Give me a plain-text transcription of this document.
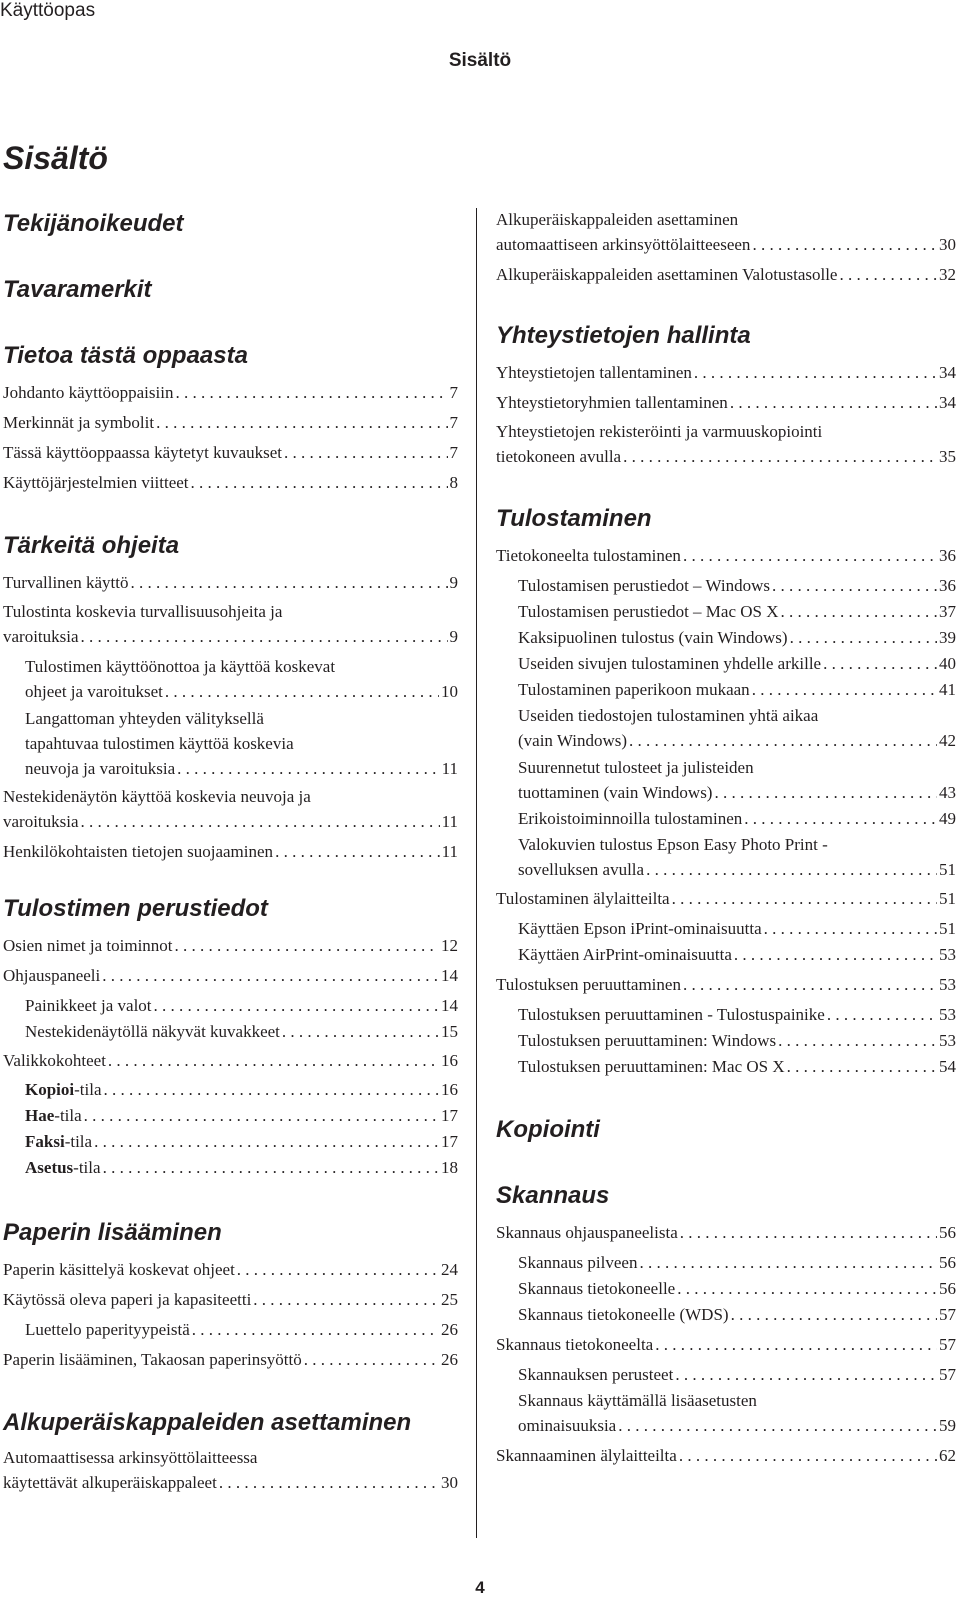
Käyttöopas
Sisältö
Sisältö
Tekijänoikeudet
Tavaramerkit
Tietoa tästä oppaasta
Johdanto käyttöoppaisiin . . .	7
Merkinnät ja symbolit . . .	7
Tässä käyttöoppaassa käytetyt kuvaukset . . .	7
Käyttöjärjestelmien viitteet . . .	8
Tärkeitä ohjeita
Turvallinen käyttö . . .	9
Tulostinta koskevia turvallisuusohjeita ja
varoituksia . . .	9
Tulostimen käyttöönottoa ja käyttöä koskevat
ohjeet ja varoitukset . . .	10
Langattoman yhteyden välityksellä
tapahtuvaa tulostimen käyttöä koskevia
neuvoja ja varoituksia . . .	11
Nestekidenäytön käyttöä koskevia neuvoja ja
varoituksia . . .	11
Henkilökohtaisten tietojen suojaaminen . . .	11
Tulostimen perustiedot
Osien nimet ja toiminnot . . .	12
Ohjauspaneeli . . .	14
Painikkeet ja valot . . .	14
Nestekidenäytöllä näkyvät kuvakkeet . . .	15
Valikkokohteet . . .	16
Kopioi-tila . . .	16
Hae-tila . . .	17
Faksi-tila . . .	17
Asetus-tila . . .	18
Paperin lisääminen
Paperin käsittelyä koskevat ohjeet . . .	24
Käytössä oleva paperi ja kapasiteetti . . .	25
Luettelo paperityypeistä . . .	26
Paperin lisääminen, Takaosan paperinsyöttö . . .	26
Alkuperäiskappaleiden asettaminen
Automaattisessa arkinsyöttölaitteessa
käytettävät alkuperäiskappaleet . . .	30
Alkuperäiskappaleiden asettaminen
automaattiseen arkinsyöttölaitteeseen . . .	30
Alkuperäiskappaleiden asettaminen Valotustasolle . . .	32
Yhteystietojen hallinta
Yhteystietojen tallentaminen . . .	34
Yhteystietoryhmien tallentaminen . . .	34
Yhteystietojen rekisteröinti ja varmuuskopiointi
tietokoneen avulla . . .	35
Tulostaminen
Tietokoneelta tulostaminen . . .	36
Tulostamisen perustiedot – Windows . . .	36
Tulostamisen perustiedot – Mac OS X . . .	37
Kaksipuolinen tulostus (vain Windows) . . .	39
Useiden sivujen tulostaminen yhdelle arkille . . .	40
Tulostaminen paperikoon mukaan . . .	41
Useiden tiedostojen tulostaminen yhtä aikaa
(vain Windows) . . .	42
Suurennetut tulosteet ja julisteiden
tuottaminen (vain Windows) . . .	43
Erikoistoiminnoilla tulostaminen . . .	49
Valokuvien tulostus Epson Easy Photo Print -
sovelluksen avulla . . .	51
Tulostaminen älylaitteilta . . .	51
Käyttäen Epson iPrint-ominaisuutta . . .	51
Käyttäen AirPrint-ominaisuutta . . .	53
Tulostuksen peruuttaminen . . .	53
Tulostuksen peruuttaminen - Tulostuspainike . . .	53
Tulostuksen peruuttaminen: Windows . . .	53
Tulostuksen peruuttaminen: Mac OS X . . .	54
Kopiointi
Skannaus
Skannaus ohjauspaneelista . . .	56
Skannaus pilveen . . .	56
Skannaus tietokoneelle . . .	56
Skannaus tietokoneelle (WDS) . . .	57
Skannaus tietokoneelta . . .	57
Skannauksen perusteet . . .	57
Skannaus käyttämällä lisäasetusten
ominaisuuksia . . .	59
Skannaaminen älylaitteilta . . .	62
4
